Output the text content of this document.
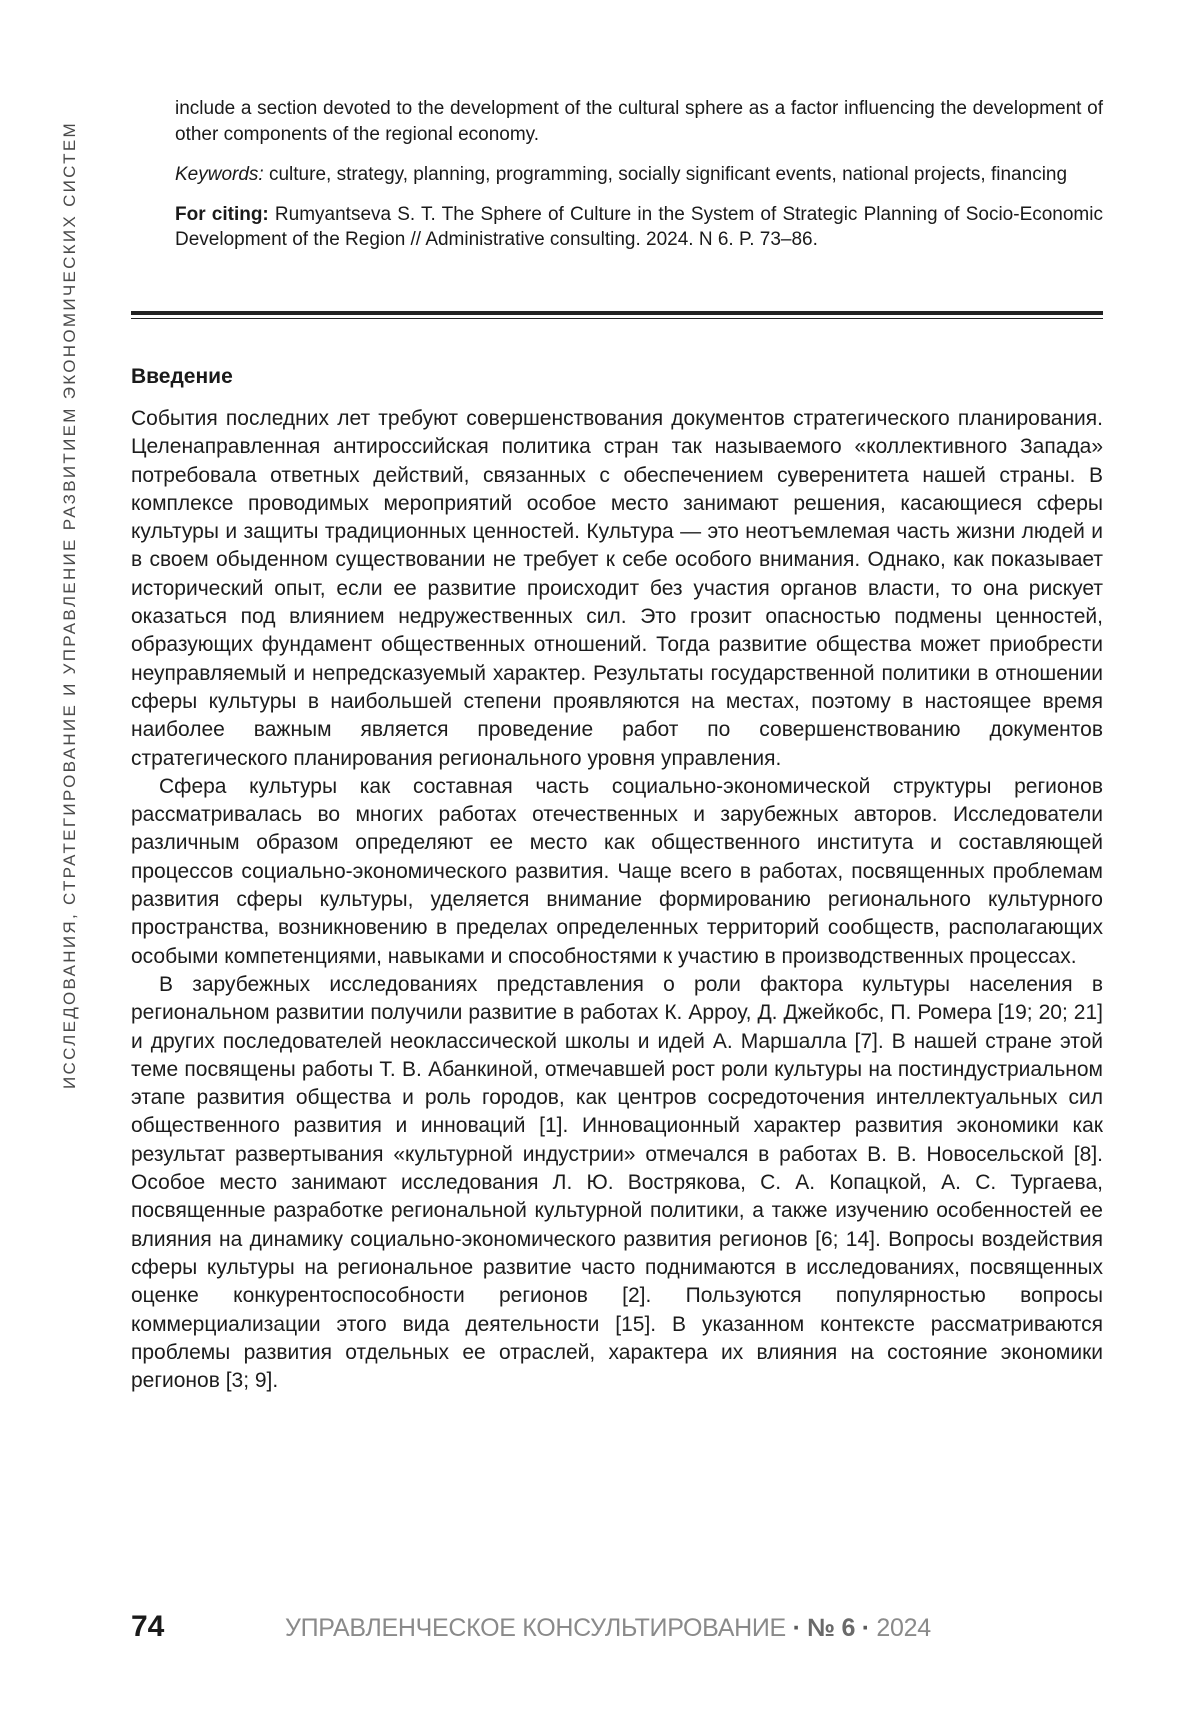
ИССЛЕДОВАНИЯ, СТРАТЕГИРОВАНИЕ И УПРАВЛЕНИЕ РАЗВИТИЕМ ЭКОНОМИЧЕСКИХ СИСТЕМ

include a section devoted to the development of the cultural sphere as a factor influencing the development of other components of the regional economy.

Keywords: culture, strategy, planning, programming, socially significant events, national projects, financing

For citing: Rumyantseva S. T. The Sphere of Culture in the System of Strategic Planning of Socio-Economic Development of the Region // Administrative consulting. 2024. N 6. P. 73–86.

Введение

События последних лет требуют совершенствования документов стратегического планирования. Целенаправленная антироссийская политика стран так называемого «коллективного Запада» потребовала ответных действий, связанных с обеспечением суверенитета нашей страны. В комплексе проводимых мероприятий особое место занимают решения, касающиеся сферы культуры и защиты традиционных ценностей. Культура — это неотъемлемая часть жизни людей и в своем обыденном существовании не требует к себе особого внимания. Однако, как показывает исторический опыт, если ее развитие происходит без участия органов власти, то она рискует оказаться под влиянием недружественных сил. Это грозит опасностью подмены ценностей, образующих фундамент общественных отношений. Тогда развитие общества может приобрести неуправляемый и непредсказуемый характер. Результаты государственной политики в отношении сферы культуры в наибольшей степени проявляются на местах, поэтому в настоящее время наиболее важным является проведение работ по совершенствованию документов стратегического планирования регионального уровня управления.

Сфера культуры как составная часть социально-экономической структуры регионов рассматривалась во многих работах отечественных и зарубежных авторов. Исследователи различным образом определяют ее место как общественного института и составляющей процессов социально-экономического развития. Чаще всего в работах, посвященных проблемам развития сферы культуры, уделяется внимание формированию регионального культурного пространства, возникновению в пределах определенных территорий сообществ, располагающих особыми компетенциями, навыками и способностями к участию в производственных процессах.

В зарубежных исследованиях представления о роли фактора культуры населения в региональном развитии получили развитие в работах К. Арроу, Д. Джейкобс, П. Ромера [19; 20; 21] и других последователей неоклассической школы и идей А. Маршалла [7]. В нашей стране этой теме посвящены работы Т. В. Абанкиной, отмечавшей рост роли культуры на постиндустриальном этапе развития общества и роль городов, как центров сосредоточения интеллектуальных сил общественного развития и инноваций [1]. Инновационный характер развития экономики как результат развертывания «культурной индустрии» отмечался в работах В. В. Новосельской [8]. Особое место занимают исследования Л. Ю. Вострякова, С. А. Копацкой, А. С. Тургаева, посвященные разработке региональной культурной политики, а также изучению особенностей ее влияния на динамику социально-экономического развития регионов [6; 14]. Вопросы воздействия сферы культуры на региональное развитие часто поднимаются в исследованиях, посвященных оценке конкурентоспособности регионов [2]. Пользуются популярностью вопросы коммерциализации этого вида деятельности [15]. В указанном контексте рассматриваются проблемы развития отдельных ее отраслей, характера их влияния на состояние экономики регионов [3; 9].

74	УПРАВЛЕНЧЕСКОЕ КОНСУЛЬТИРОВАНИЕ · № 6 · 2024
